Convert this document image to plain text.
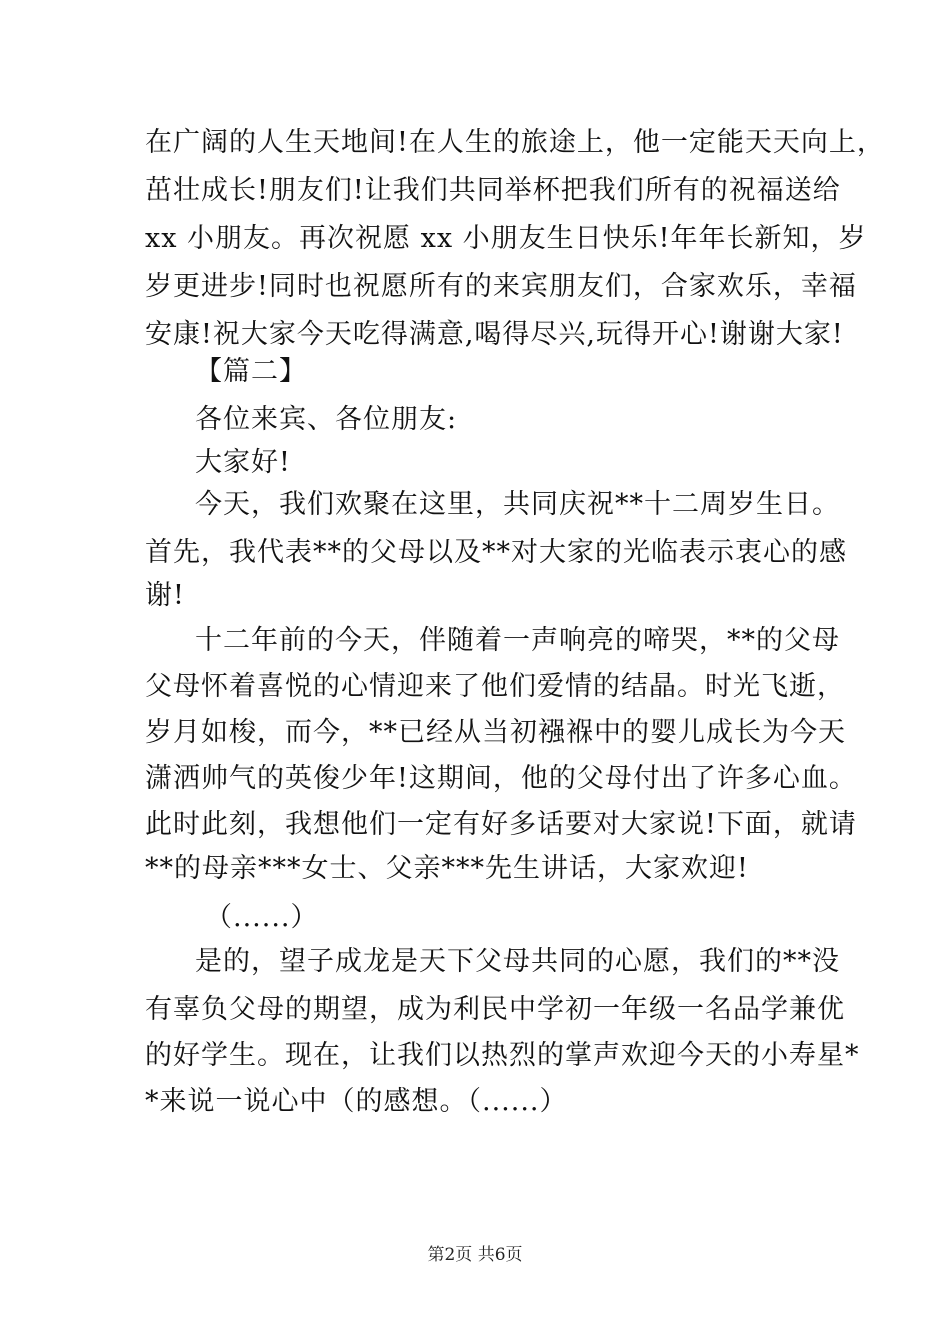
在广阔的人生天地间!在人生的旅途上，他一定能天天向上，
茁壮成长!朋友们!让我们共同举杯把我们所有的祝福送给
xx 小朋友。再次祝愿 xx 小朋友生日快乐!年年长新知，岁
岁更进步!同时也祝愿所有的来宾朋友们，合家欢乐，幸福
安康!祝大家今天吃得满意,喝得尽兴,玩得开心!谢谢大家!
【篇二】
各位来宾、各位朋友:
大家好!
今天，我们欢聚在这里，共同庆祝**十二周岁生日。
首先，我代表**的父母以及**对大家的光临表示衷心的感
谢!
十二年前的今天，伴随着一声响亮的啼哭，**的父母
父母怀着喜悦的心情迎来了他们爱情的结晶。时光飞逝，
岁月如梭，而今，**已经从当初襁褓中的婴儿成长为今天
潇洒帅气的英俊少年!这期间，他的父母付出了许多心血。
此时此刻，我想他们一定有好多话要对大家说!下面，就请
**的母亲***女士、父亲***先生讲话，大家欢迎!
（......）
是的，望子成龙是天下父母共同的心愿，我们的**没
有辜负父母的期望，成为利民中学初一年级一名品学兼优
的好学生。现在，让我们以热烈的掌声欢迎今天的小寿星*
*来说一说心中（的感想。（......）
第2页 共6页
